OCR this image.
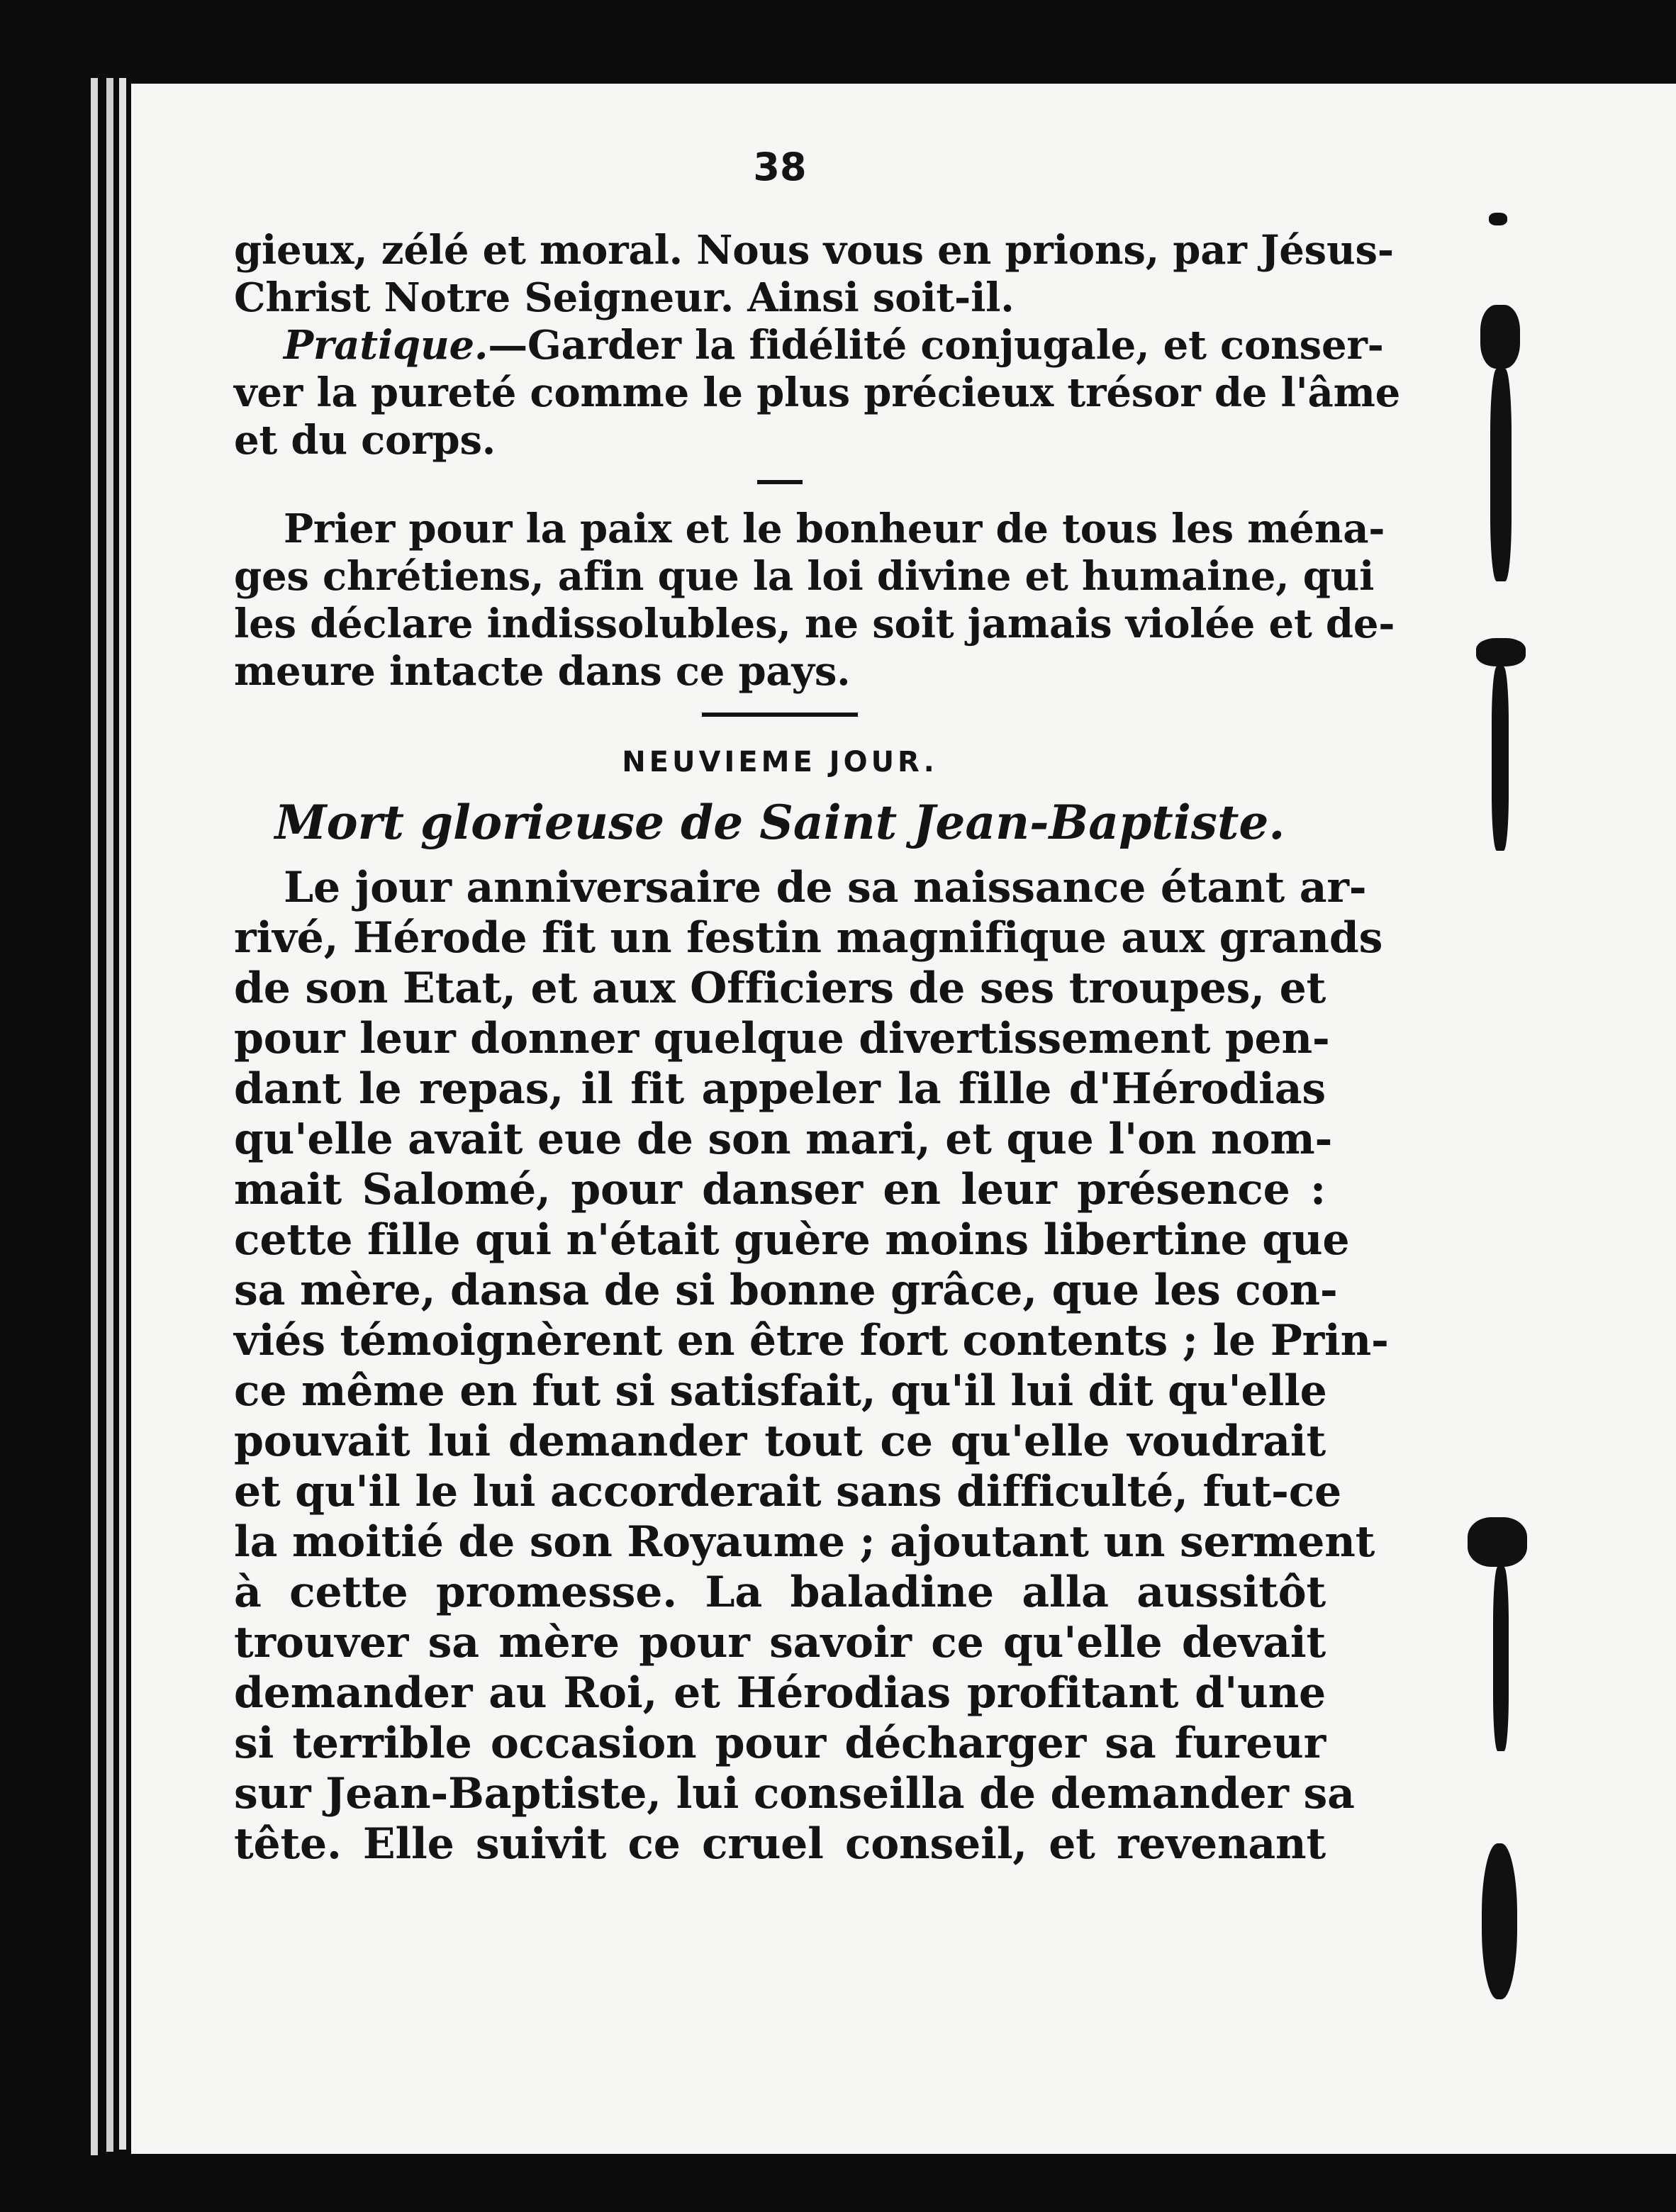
38
gieux, zélé et moral. Nous vous en prions, par Jésus-
Christ Notre Seigneur. Ainsi soit-il.
Pratique.—Garder la fidélité conjugale, et conser-
ver la pureté comme le plus précieux trésor de l'âme
et du corps.
Prier pour la paix et le bonheur de tous les ména-
ges chrétiens, afin que la loi divine et humaine, qui
les déclare indissolubles, ne soit jamais violée et de-
meure intacte dans ce pays.
NEUVIEME JOUR.
Mort glorieuse de Saint Jean-Baptiste.
Le jour anniversaire de sa naissance étant ar-
rivé, Hérode fit un festin magnifique aux grands
de son Etat, et aux Officiers de ses troupes, et
pour leur donner quelque divertissement pen-
dant le repas, il fit appeler la fille d'Hérodias
qu'elle avait eue de son mari, et que l'on nom-
mait Salomé, pour danser en leur présence :
cette fille qui n'était guère moins libertine que
sa mère, dansa de si bonne grâce, que les con-
viés témoignèrent en être fort contents ; le Prin-
ce même en fut si satisfait, qu'il lui dit qu'elle
pouvait lui demander tout ce qu'elle voudrait
et qu'il le lui accorderait sans difficulté, fut-ce
la moitié de son Royaume ; ajoutant un serment
à cette promesse. La baladine alla aussitôt
trouver sa mère pour savoir ce qu'elle devait
demander au Roi, et Hérodias profitant d'une
si terrible occasion pour décharger sa fureur
sur Jean-Baptiste, lui conseilla de demander sa
tête. Elle suivit ce cruel conseil, et revenant
